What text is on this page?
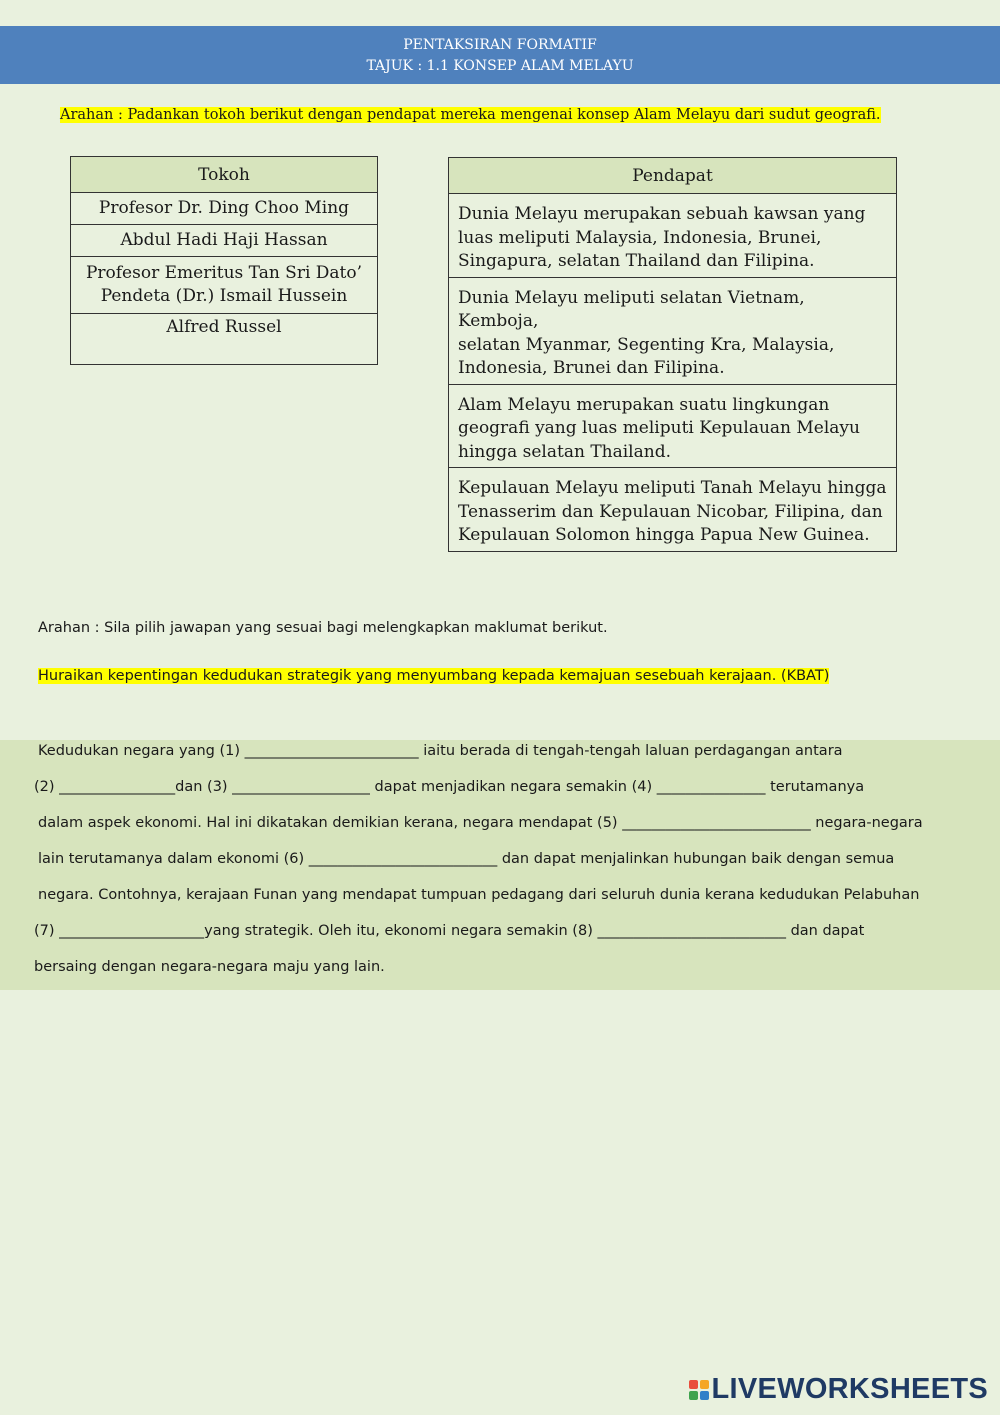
PENTAKSIRAN FORMATIF
TAJUK : 1.1 KONSEP ALAM MELAYU
Arahan : Padankan tokoh berikut dengan pendapat mereka mengenai konsep Alam Melayu dari sudut geografi.
Tokoh
Profesor Dr. Ding Choo Ming
Abdul Hadi Haji Hassan
Profesor Emeritus Tan Sri Dato’
Pendeta (Dr.) Ismail Hussein
Alfred Russel
Pendapat
Dunia Melayu merupakan sebuah kawsan yang
luas meliputi Malaysia, Indonesia, Brunei,
Singapura, selatan Thailand dan Filipina.
Dunia Melayu meliputi selatan Vietnam, Kemboja,
selatan Myanmar, Segenting Kra, Malaysia,
Indonesia, Brunei dan Filipina.
Alam Melayu merupakan suatu lingkungan
geografi yang luas meliputi Kepulauan Melayu
hingga selatan Thailand.
Kepulauan Melayu meliputi Tanah Melayu hingga
Tenasserim dan Kepulauan Nicobar, Filipina, dan
Kepulauan Solomon hingga Papua New Guinea.
Arahan : Sila pilih jawapan yang sesuai bagi melengkapkan maklumat berikut.
Huraikan kepentingan kedudukan strategik yang menyumbang kepada kemajuan sesebuah kerajaan. (KBAT)
Kedudukan negara yang (1) ________________________ iaitu berada di tengah-tengah laluan perdagangan antara
(2) ________________dan (3) ___________________ dapat menjadikan negara semakin (4) _______________ terutamanya
dalam aspek ekonomi. Hal ini dikatakan demikian kerana, negara mendapat (5) __________________________ negara-negara
lain terutamanya dalam ekonomi (6) __________________________ dan dapat menjalinkan hubungan baik dengan semua
negara. Contohnya, kerajaan Funan yang mendapat tumpuan pedagang dari seluruh dunia kerana kedudukan Pelabuhan
(7) ____________________yang strategik. Oleh itu, ekonomi negara semakin (8) __________________________ dan dapat
bersaing dengan negara-negara maju yang lain.
LIVEWORKSHEETS
